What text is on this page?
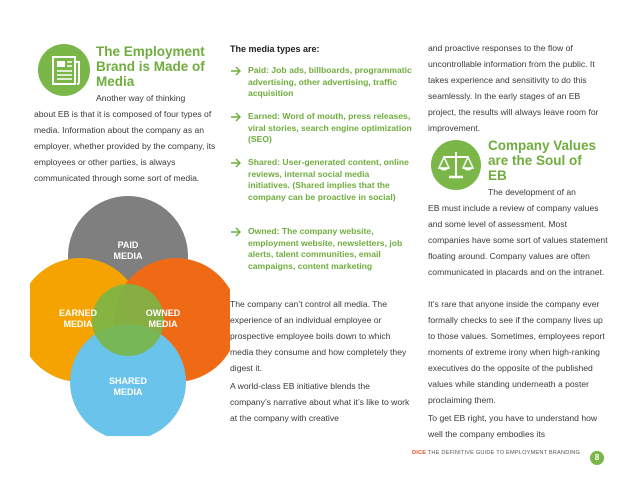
The Employment Brand is Made of Media
Another way of thinking
about EB is that it is composed of four types of media. Information about the company as an employer, whether provided by the company, its employees or other parties, is always communicated through some sort of media.
PAID
MEDIA
EARNED
MEDIA
OWNED
MEDIA
SHARED
MEDIA
The media types are:
Paid: Job ads, billboards, programmatic advertising, other advertising, traffic acquisition
Earned: Word of mouth, press releases, viral stories, search engine optimization (SEO)
Shared: User-generated content, online reviews, internal social media initiatives. (Shared implies that the company can be proactive in social)
Owned: The company website, employment website, newsletters, job alerts, talent communities, email campaigns, content marketing
The company can’t control all media. The experience of an individual employee or prospective employee boils down to which media they consume and how completely they digest it.
A world-class EB initiative blends the company’s narrative about what it’s like to work at the company with creative
and proactive responses to the flow of uncontrollable information from the public. It takes experience and sensitivity to do this seamlessly. In the early stages of an EB project, the results will always leave room for improvement.
Company Values are the Soul of EB
The development of an
EB must include a review of company values and some level of assessment. Most companies have some sort of values statement floating around. Company values are often communicated in placards and on the intranet.
It’s rare that anyone inside the company ever formally checks to see if the company lives up to those values. Sometimes, employees report moments of extreme irony when high-ranking executives do the opposite of the published values while standing underneath a poster proclaiming them.
To get EB right, you have to understand how well the company embodies its
DICE THE DEFINITIVE GUIDE TO EMPLOYMENT BRANDING	8
